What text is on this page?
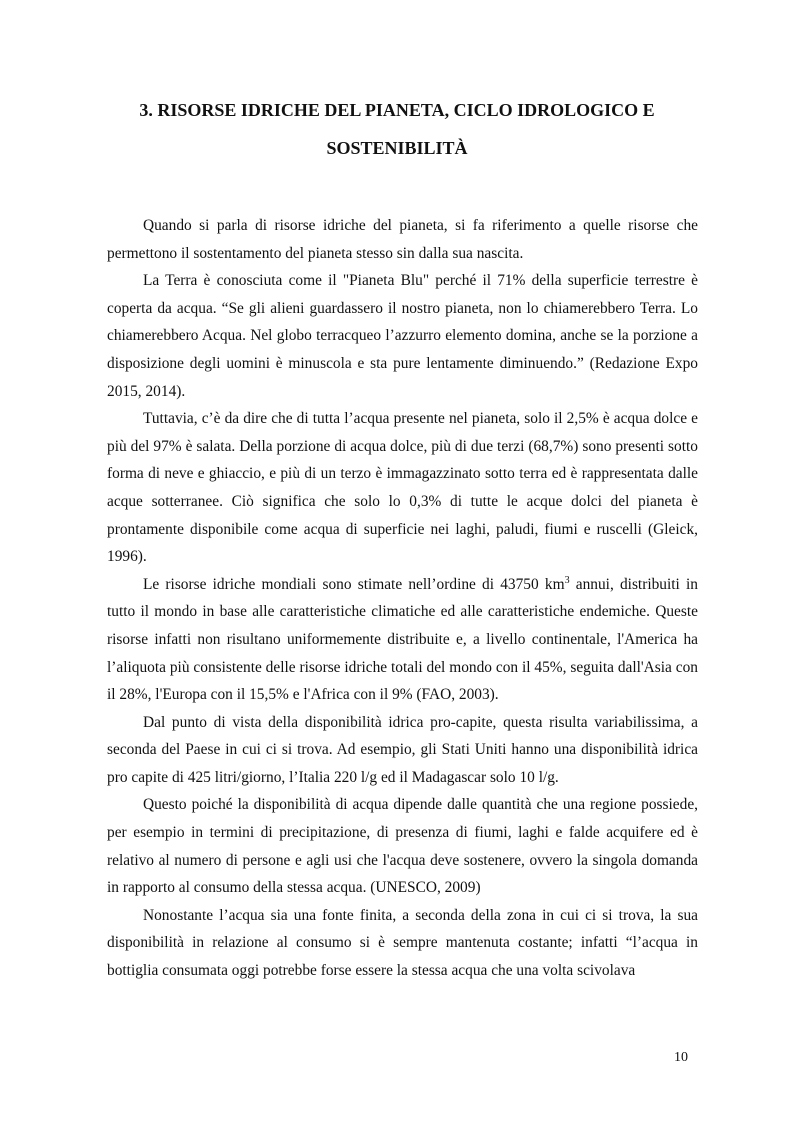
3. RISORSE IDRICHE DEL PIANETA, CICLO IDROLOGICO E
SOSTENIBILITÀ

Quando si parla di risorse idriche del pianeta, si fa riferimento a quelle risorse che permettono il sostentamento del pianeta stesso sin dalla sua nascita.

La Terra è conosciuta come il "Pianeta Blu" perché il 71% della superficie terrestre è coperta da acqua. “Se gli alieni guardassero il nostro pianeta, non lo chiamerebbero Terra. Lo chiamerebbero Acqua. Nel globo terracqueo l’azzurro elemento domina, anche se la porzione a disposizione degli uomini è minuscola e sta pure lentamente diminuendo.” (Redazione Expo 2015, 2014).

Tuttavia, c’è da dire che di tutta l’acqua presente nel pianeta, solo il 2,5% è acqua dolce e più del 97% è salata. Della porzione di acqua dolce, più di due terzi (68,7%) sono presenti sotto forma di neve e ghiaccio, e più di un terzo è immagazzinato sotto terra ed è rappresentata dalle acque sotterranee. Ciò significa che solo lo 0,3% di tutte le acque dolci del pianeta è prontamente disponibile come acqua di superficie nei laghi, paludi, fiumi e ruscelli (Gleick, 1996).

Le risorse idriche mondiali sono stimate nell’ordine di 43750 $km^3$ annui, distribuiti in tutto il mondo in base alle caratteristiche climatiche ed alle caratteristiche endemiche. Queste risorse infatti non risultano uniformemente distribuite e, a livello continentale, l'America ha l’aliquota più consistente delle risorse idriche totali del mondo con il 45%, seguita dall'Asia con il 28%, l'Europa con il 15,5% e l'Africa con il 9% (FAO, 2003).

Dal punto di vista della disponibilità idrica pro-capite, questa risulta variabilissima, a seconda del Paese in cui ci si trova. Ad esempio, gli Stati Uniti hanno una disponibilità idrica pro capite di 425 litri/giorno, l’Italia 220 l/g ed il Madagascar solo 10 l/g.

Questo poiché la disponibilità di acqua dipende dalle quantità che una regione possiede, per esempio in termini di precipitazione, di presenza di fiumi, laghi e falde acquifere ed è relativo al numero di persone e agli usi che l'acqua deve sostenere, ovvero la singola domanda in rapporto al consumo della stessa acqua. (UNESCO, 2009)

Nonostante l’acqua sia una fonte finita, a seconda della zona in cui ci si trova, la sua disponibilità in relazione al consumo si è sempre mantenuta costante; infatti “l’acqua in bottiglia consumata oggi potrebbe forse essere la stessa acqua che una volta scivolava

10
